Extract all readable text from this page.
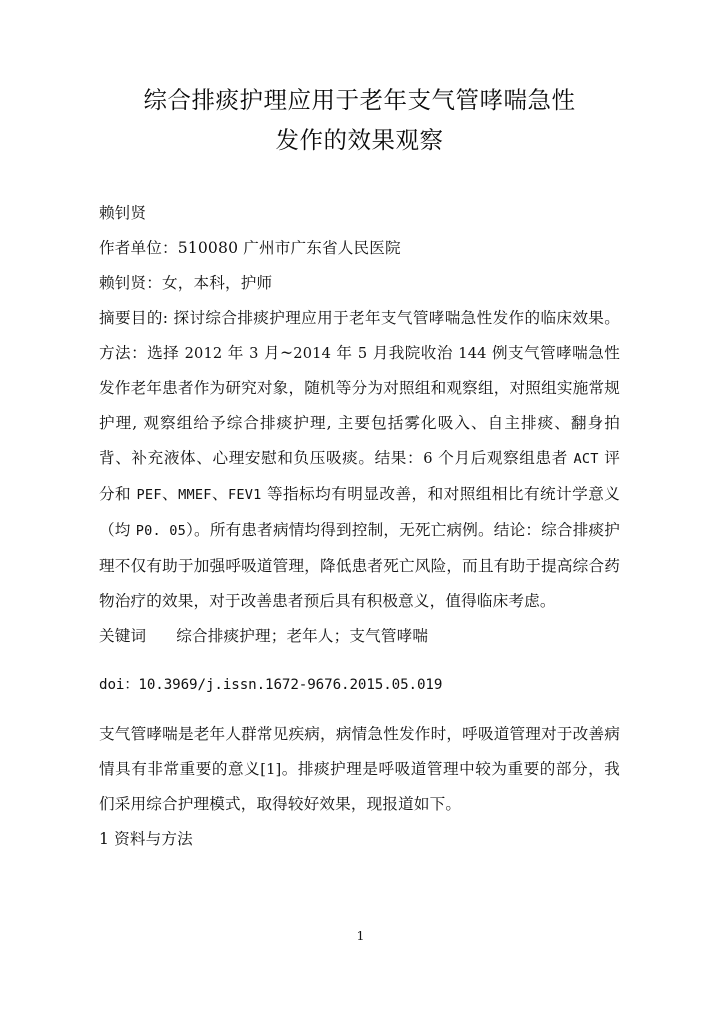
综合排痰护理应用于老年支气管哮喘急性
发作的效果观察

赖钊贤

作者单位：510080 广州市广东省人民医院

赖钊贤：女，本科，护师

摘要目的: 探讨综合排痰护理应用于老年支气管哮喘急性发作的临床效果。方法：选择 2012 年 3 月~2014 年 5 月我院收治 144 例支气管哮喘急性发作老年患者作为研究对象，随机等分为对照组和观察组，对照组实施常规护理, 观察组给予综合排痰护理, 主要包括雾化吸入、自主排痰、翻身拍背、补充液体、心理安慰和负压吸痰。结果：6 个月后观察组患者 ACT 评分和 PEF、MMEF、FEV1 等指标均有明显改善，和对照组相比有统计学意义（均 P0. 05）。所有患者病情均得到控制，无死亡病例。结论：综合排痰护理不仅有助于加强呼吸道管理，降低患者死亡风险，而且有助于提高综合药物治疗的效果，对于改善患者预后具有积极意义，值得临床考虑。

关键词 综合排痰护理；老年人；支气管哮喘

doi：10.3969/j.issn.1672-9676.2015.05.019

支气管哮喘是老年人群常见疾病，病情急性发作时，呼吸道管理对于改善病情具有非常重要的意义[1]。排痰护理是呼吸道管理中较为重要的部分，我们采用综合护理模式，取得较好效果，现报道如下。

1 资料与方法

1
